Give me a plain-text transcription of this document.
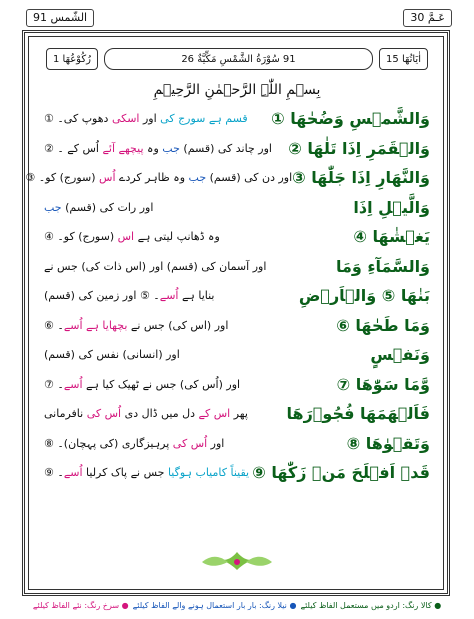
عَـمَّ 30
الشّمس 91
اٰيَاتُهَا 15
91 سُوْرَةُ الشَّمْسِ مَكِّيَّةٌ 26
رُكُوْعُهَا 1
بِسۡمِ اللّٰہِ الرَّحۡمٰنِ الرَّحِیۡمِ
وَالشَّمۡسِ وَضُحٰهَا ①
قسم ہے سورج کی اور اسکی دھوپ کی۔ ①
وَالۡقَمَرِ اِذَا تَلٰهَا ②
اور چاند کی (قسم) جب وہ پیچھے آئے اُس کے ۔ ②
وَالنَّهَارِ اِذَا جَلّٰهَا ③
اور دن کی (قسم) جب وہ ظاہر کردے اُس (سورج) کو۔ ③
وَالَّيۡلِ اِذَا
اور رات کی (قسم) جب
يَغۡشٰهَا ④
وہ ڈھانپ لیتی ہے اس (سورج) کو۔ ④
وَالسَّمَآءِ وَمَا
اور آسمان کی (قسم) اور (اس ذات کی) جس نے
بَنٰهَا ⑤ وَالۡاَرۡضِ
بنایا ہے اُسے۔ ⑤ اور زمین کی (قسم)
وَمَا طَحٰهَا ⑥
اور (اس کی) جس نے بچھایا ہے اُسے۔ ⑥
وَنَفۡسٍ
اور (انسانی) نفس کی (قسم)
وَّمَا سَوّٰهَا ⑦
اور (اُس کی) جس نے ٹھیک کیا ہے اُسے۔ ⑦
فَاَلۡهَمَهَا فُجُوۡرَهَا
پھر اس کے دل میں ڈال دی اُس کی نافرمانی
وَتَقۡوٰهَا ⑧
اور اُس کی پرہیزگاری (کی پہچان)۔ ⑧
قَدۡ اَفۡلَحَ مَنۡ زَكّٰهَا ⑨
یقیناً کامیاب ہوگیا جس نے پاک کرلیا اُسے۔ ⑨
● کالا رنگ: اردو میں مستعمل الفاظ کیلئے
● نیلا رنگ: بار بار استعمال ہونے والے الفاظ کیلئے
● سرخ رنگ: نئے الفاظ کیلئے
